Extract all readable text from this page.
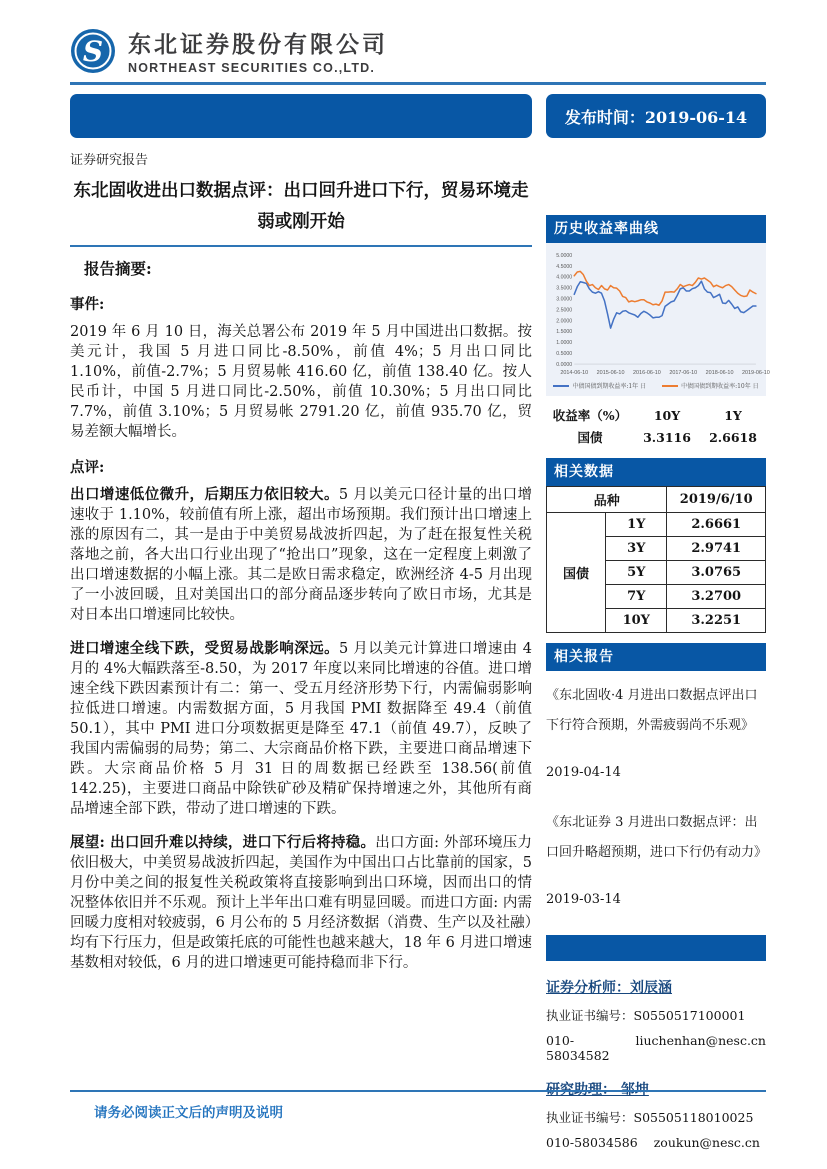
S 东北证券股份有限公司
NORTHEAST SECURITIES CO.,LTD.
发布时间：2019-06-14
证券研究报告
东北固收进出口数据点评：出口回升进口下行，贸易环境走弱或刚开始
报告摘要:
事件:
2019 年 6 月 10 日，海关总署公布 2019 年 5 月中国进出口数据。按美元计，我国 5 月进口同比-8.50%，前值 4%；5 月出口同比 1.10%，前值-2.7%；5 月贸易帐 416.60 亿，前值 138.40 亿。按人民币计，中国 5 月进口同比-2.50%，前值 10.30%；5 月出口同比 7.7%，前值 3.10%；5 月贸易帐 2791.20 亿，前值 935.70 亿，贸易差额大幅增长。
点评:
出口增速低位微升，后期压力依旧较大。5 月以美元口径计量的出口增速收于 1.10%，较前值有所上涨，超出市场预期。我们预计出口增速上涨的原因有二，其一是由于中美贸易战波折四起，为了赶在报复性关税落地之前，各大出口行业出现了“抢出口”现象，这在一定程度上刺激了出口增速数据的小幅上涨。其二是欧日需求稳定，欧洲经济 4-5 月出现了一小波回暖，且对美国出口的部分商品逐步转向了欧日市场，尤其是对日本出口增速同比较快。
进口增速全线下跌，受贸易战影响深远。5 月以美元计算进口增速由 4 月的 4%大幅跌落至-8.50，为 2017 年度以来同比增速的谷值。进口增速全线下跌因素预计有二：第一、受五月经济形势下行，内需偏弱影响拉低进口增速。内需数据方面，5 月我国 PMI 数据降至 49.4（前值 50.1），其中 PMI 进口分项数据更是降至 47.1（前值 49.7），反映了我国内需偏弱的局势；第二、大宗商品价格下跌，主要进口商品增速下跌。大宗商品价格 5 月 31 日的周数据已经跌至 138.56(前值 142.25)，主要进口商品中除铁矿砂及精矿保持增速之外，其他所有商品增速全部下跌，带动了进口增速的下跌。
展望: 出口回升难以持续，进口下行后将持稳。出口方面: 外部环境压力依旧极大，中美贸易战波折四起，美国作为中国出口占比靠前的国家，5 月份中美之间的报复性关税政策将直接影响到出口环境，因而出口的情况整体依旧并不乐观。预计上半年出口难有明显回暖。而进口方面: 内需回暖力度相对较疲弱，6 月公布的 5 月经济数据（消费、生产以及社融）均有下行压力，但是政策托底的可能性也越来越大，18 年 6 月进口增速基数相对较低，6 月的进口增速更可能持稳而非下行。
历史收益率曲线
0.0000
0.5000
1.0000
1.5000
2.0000
2.5000
3.0000
3.5000
4.0000
4.5000
5.0000
2014-06-10 2015-06-10 2016-06-10 2017-06-10 2018-06-10 2019-06-10
中债国债到期收益率:1年 日	中债国债到期收益率:10年 日
收益率（%）	10Y	1Y
国债	3.3116	2.6618
相关数据
品种		2019/6/10
国债	1Y	2.6661
	3Y	2.9741
	5Y	3.0765
	7Y	3.2700
	10Y	3.2251
相关报告
《东北固收·4 月进出口数据点评出口下行符合预期，外需疲弱尚不乐观》
2019-04-14
《东北证券 3 月进出口数据点评：出口回升略超预期，进口下行仍有动力》
2019-03-14
证券分析师：刘辰涵
执业证书编号：S0550517100001
010-58034582
liuchenhan@nesc.cn
研究助理： 邹坤
执业证书编号：S05505118010025
010-58034586 zoukun@nesc.cn
请务必阅读正文后的声明及说明
